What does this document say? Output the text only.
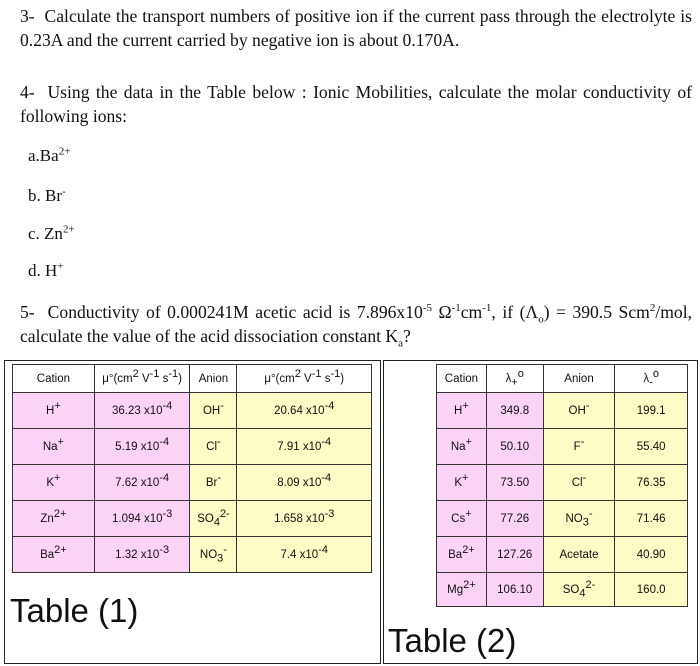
3- Calculate the transport numbers of positive ion if the current pass through the electrolyte is 0.23A and the current carried by negative ion is about 0.170A.
4- Using the data in the Table below : Ionic Mobilities, calculate the molar conductivity of following ions:
$a.Ba^{2+}$
b. Br-
c. $Zn^{2+}$
d. H+
5- Conductivity of 0.000241M acetic acid is $7.896x10^{-5}$ $\Omega^{-1}cm^{-1}$, if $(\Lambda_o) = 390.5$ Scm$^2$/mol, calculate the value of the acid dissociation constant $K_a$?
Cation	$\mu^\circ(cm^2$ $V^{-1}$ $s^{-1}$)	Anion	$\mu^\circ(cm^2$ $V^{-1}$ $s^{-1}$)
H+	36.23 $x10^{-4}$	OH-	20.64 $x10^{-4}$
Na+	5.19 $x10^{-4}$	Cl-	7.91 $x10^{-4}$
K+	7.62 $x10^{-4}$	Br-	8.09 $x10^{-4}$
$Zn^{2+}$	1.094 $x10^{-3}$	$SO_4^{2-}$	1.658 $x10^{-3}$
$Ba^{2+}$	1.32 $x10^{-3}$	$NO_3^-$	7.4 $x10^{-4}$
Table (1)
Cation	$\lambda_+^o$	Anion	$\lambda_-^o$
H+	349.8	OH-	199.1
Na+	50.10	F-	55.40
K+	73.50	Cl-	76.35
Cs+	77.26	$NO_3^-$	71.46
$Ba^{2+}$	127.26	Acetate	40.90
$Mg^{2+}$	106.10	$SO_4^{2-}$	160.0
Table (2)
